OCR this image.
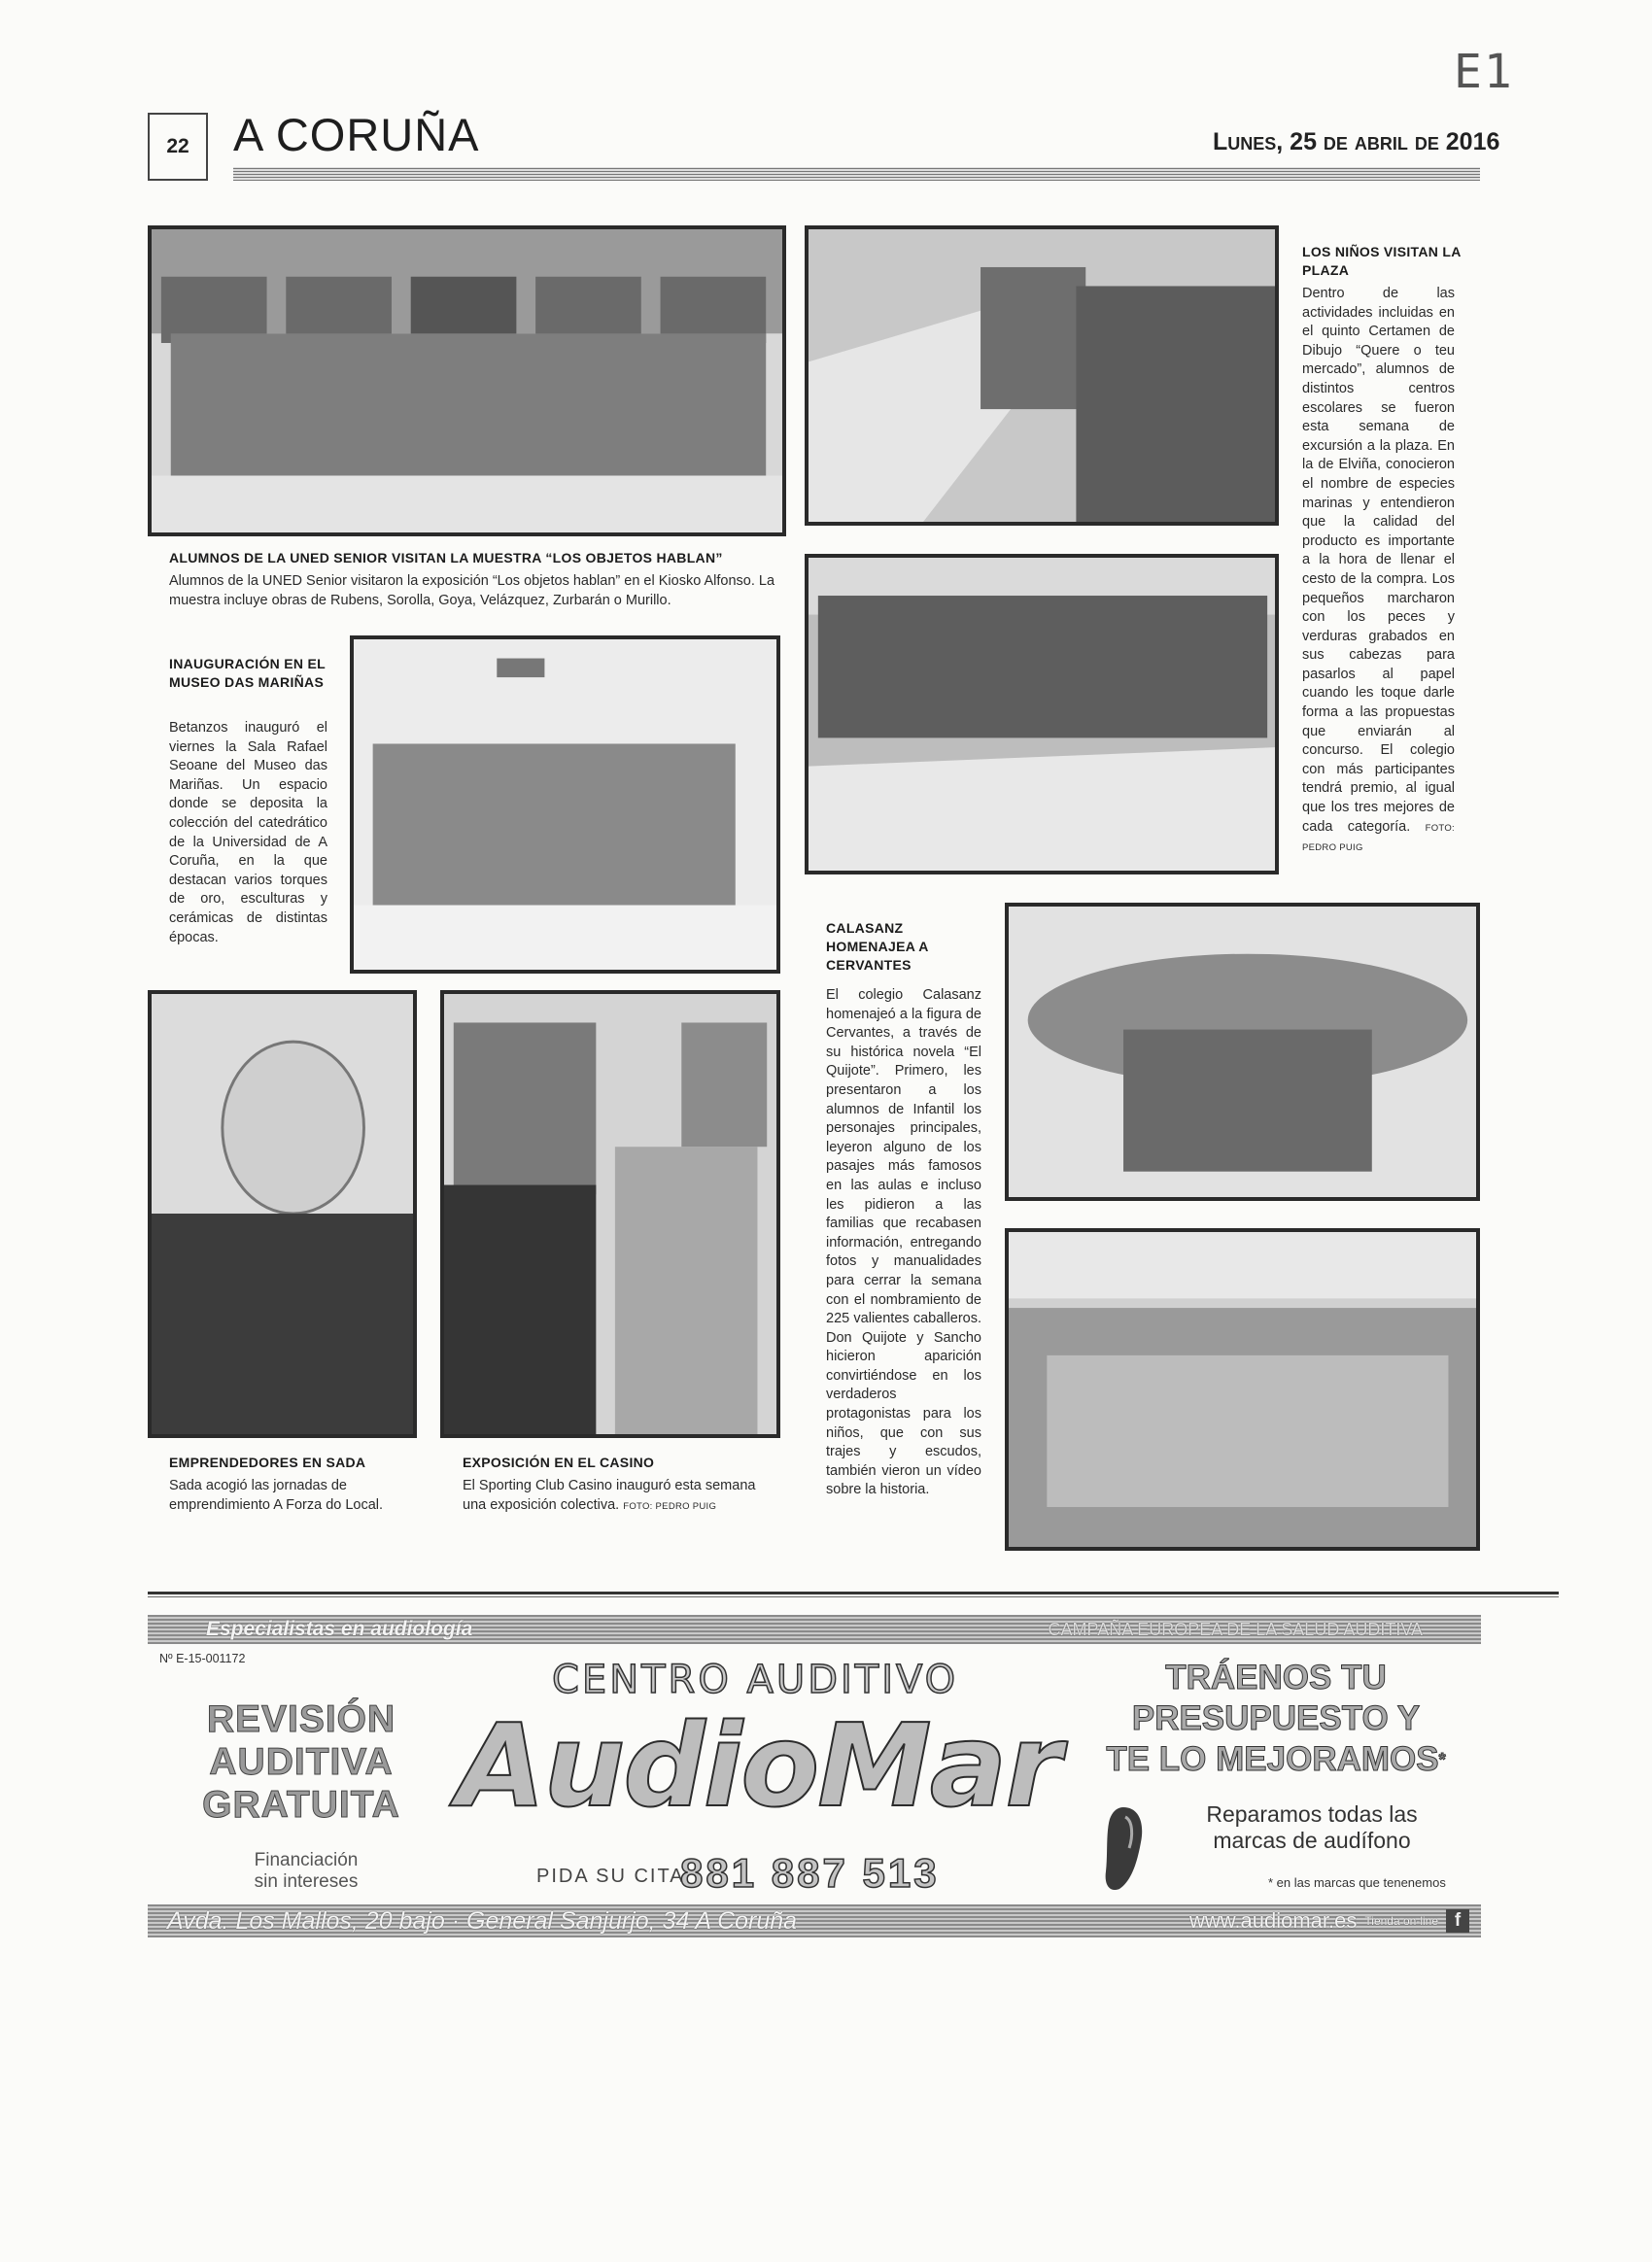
E1
22 A CORUÑA	Lunes, 25 de abril de 2016
ALUMNOS DE LA UNED SENIOR VISITAN LA MUESTRA “LOS OBJETOS HABLAN”

Alumnos de la UNED Senior visitaron la exposición “Los objetos hablan” en el Kiosko Alfonso. La muestra incluye obras de Rubens, Sorolla, Goya, Velázquez, Zurbarán o Murillo.

LOS NIÑOS VISITAN LA PLAZA

Dentro de las actividades incluidas en el quinto Certamen de Dibujo “Quere o teu mercado”, alumnos de distintos centros escolares se fueron esta semana de excursión a la plaza. En la de Elviña, conocieron el nombre de especies marinas y entendieron que la calidad del producto es importante a la hora de llenar el cesto de la compra. Los pequeños marcharon con los peces y verduras grabados en sus cabezas para pasarlos al papel cuando les toque darle forma a las propuestas que enviarán al concurso. El colegio con más participantes tendrá premio, al igual que los tres mejores de cada categoría. FOTO: PEDRO PUIG

INAUGURACIÓN EN EL MUSEO DAS MARIÑAS

Betanzos inauguró el viernes la Sala Rafael Seoane del Museo das Mariñas. Un espacio donde se deposita la colección del catedrático de la Universidad de A Coruña, en la que destacan varios torques de oro, esculturas y cerámicas de distintas épocas.

CALASANZ HOMENAJEA A CERVANTES

El colegio Calasanz homenajeó a la figura de Cervantes, a través de su histórica novela “El Quijote”. Primero, les presentaron a los alumnos de Infantil los personajes principales, leyeron alguno de los pasajes más famosos en las aulas e incluso les pidieron a las familias que recabasen información, entregando fotos y manualidades para cerrar la semana con el nombramiento de 225 valientes caballeros. Don Quijote y Sancho hicieron aparición convirtiéndose en los verdaderos protagonistas para los niños, que con sus trajes y escudos, también vieron un vídeo sobre la historia.

EMPRENDEDORES EN SADA

Sada acogió las jornadas de emprendimiento A Forza do Local.

EXPOSICIÓN EN EL CASINO

El Sporting Club Casino inauguró esta semana una exposición colectiva. FOTO: PEDRO PUIG

Especialistas en audiología	CAMPAÑA EUROPEA DE LA SALUD AUDITIVA
Nº E-15-001172
REVISIÓN
AUDITIVA
GRATUITA
Financiación
sin intereses
CENTRO AUDITIVO
AudioMar
PIDA SU CITA
881 887 513
TRÁENOS TU
PRESUPUESTO Y
TE LO MEJORAMOS*
Reparamos todas las
marcas de audífono
* en las marcas que tenenemos
Avda. Los Mallos, 20 bajo · General Sanjurjo, 34 A Coruña	www.audiomar.es Tienda on-line f
